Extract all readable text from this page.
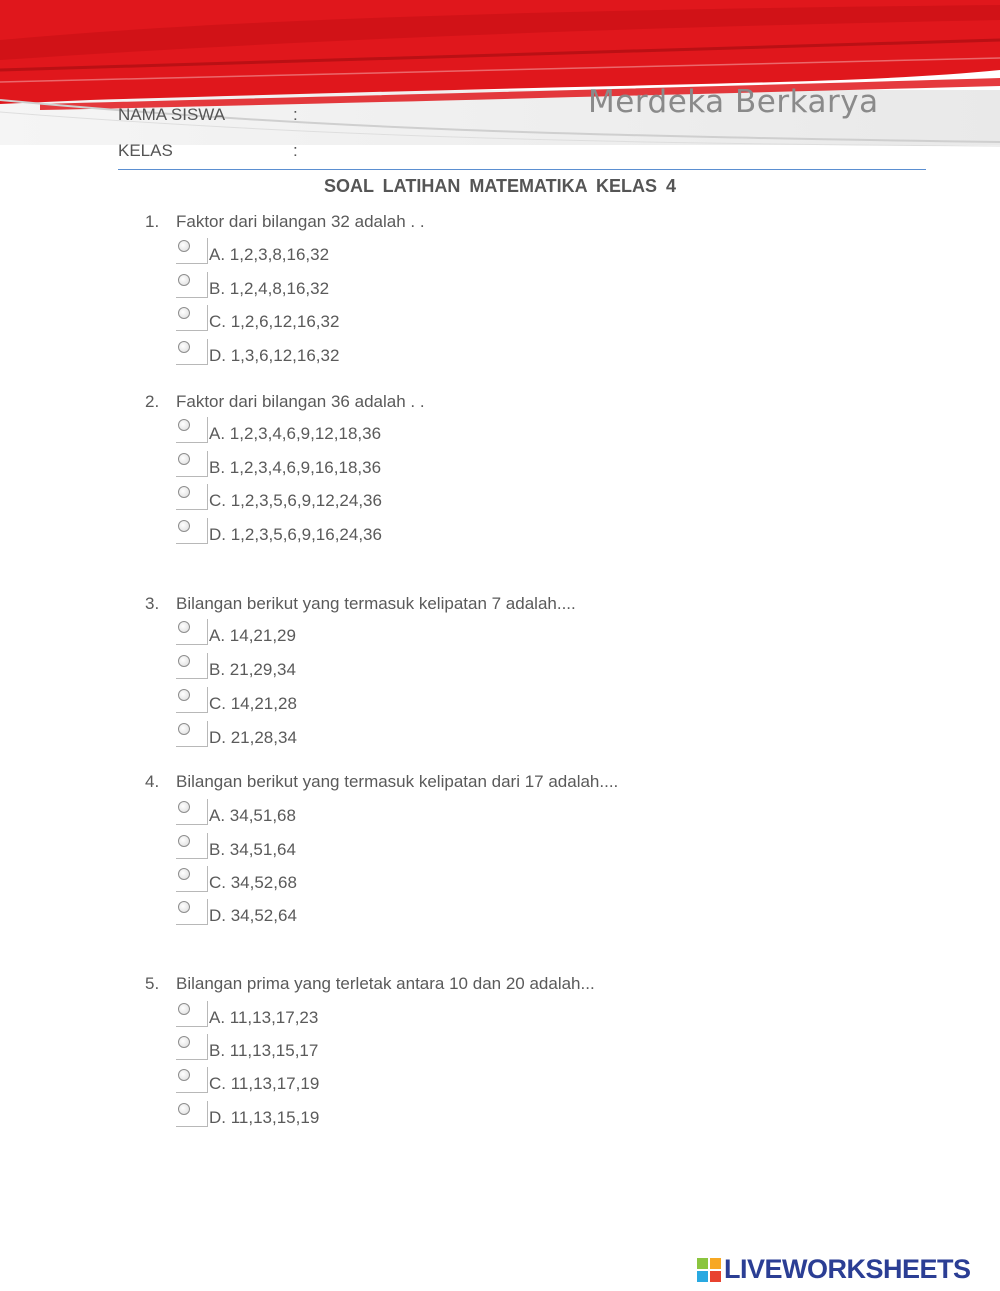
Merdeka Berkarya
NAMA SISWA	:
KELAS	:
SOAL LATIHAN MATEMATIKA KELAS 4
1. Faktor dari bilangan 32 adalah . .
A. 1,2,3,8,16,32
B. 1,2,4,8,16,32
C. 1,2,6,12,16,32
D. 1,3,6,12,16,32
2. Faktor dari bilangan 36 adalah . .
A. 1,2,3,4,6,9,12,18,36
B. 1,2,3,4,6,9,16,18,36
C. 1,2,3,5,6,9,12,24,36
D. 1,2,3,5,6,9,16,24,36
3. Bilangan berikut yang termasuk kelipatan 7 adalah....
A. 14,21,29
B. 21,29,34
C. 14,21,28
D. 21,28,34
4. Bilangan berikut yang termasuk kelipatan dari 17 adalah....
A. 34,51,68
B. 34,51,64
C. 34,52,68
D. 34,52,64
5. Bilangan prima yang terletak antara 10 dan 20 adalah...
A. 11,13,17,23
B. 11,13,15,17
C. 11,13,17,19
D. 11,13,15,19
LIVEWORKSHEETS
